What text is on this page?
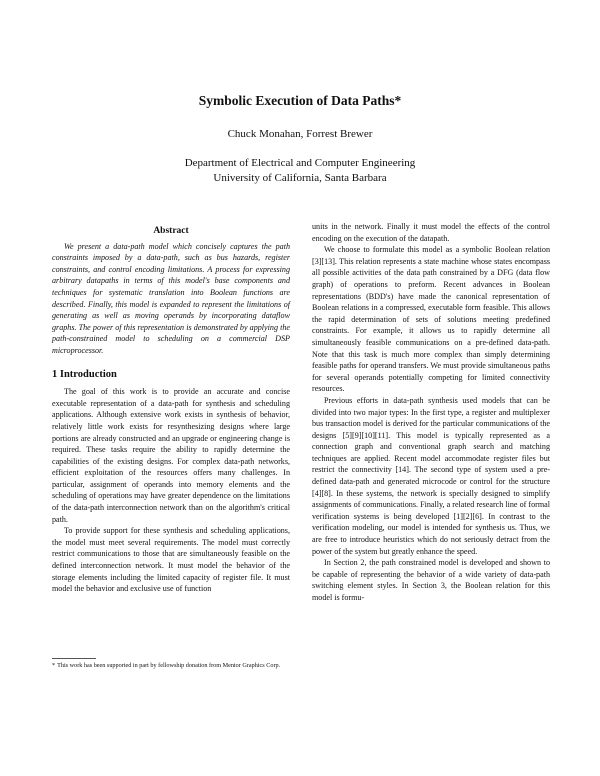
Symbolic Execution of Data Paths*
Chuck Monahan, Forrest Brewer
Department of Electrical and Computer Engineering
University of California, Santa Barbara
Abstract

We present a data-path model which concisely captures the path constraints imposed by a data-path, such as bus hazards, register constraints, and control encoding limitations. A process for expressing arbitrary datapaths in terms of this model's base components and techniques for systematic translation into Boolean functions are described. Finally, this model is expanded to represent the limitations of generating as well as moving operands by incorporating dataflow graphs. The power of this representation is demonstrated by applying the path-constrained model to scheduling on a commercial DSP microprocessor.

1 Introduction

The goal of this work is to provide an accurate and concise executable representation of a data-path for synthesis and scheduling applications. Although extensive work exists in synthesis of behavior, relatively little work exists for resynthesizing designs where large portions are already constructed and an upgrade or engineering change is required. These tasks require the ability to rapidly determine the capabilities of the existing designs. For complex data-path networks, efficient exploitation of the resources offers many challenges. In particular, assignment of operands into memory elements and the scheduling of operations may have greater dependence on the limitations of the data-path interconnection network than on the algorithm's critical path.

To provide support for these synthesis and scheduling applications, the model must meet several requirements. The model must correctly restrict communications to those that are simultaneously feasible on the defined interconnection network. It must model the behavior of the storage elements including the limited capacity of register file. It must model the behavior and exclusive use of function

units in the network. Finally it must model the effects of the control encoding on the execution of the datapath.

We choose to formulate this model as a symbolic Boolean relation [3][13]. This relation represents a state machine whose states encompass all possible activities of the data path constrained by a DFG (data flow graph) of operations to preform. Recent advances in Boolean representations (BDD's) have made the canonical representation of Boolean relations in a compressed, executable form feasible. This allows the rapid determination of sets of solutions meeting predefined constraints. For example, it allows us to rapidly determine all simultaneously feasible communications on a pre-defined data-path. Note that this task is much more complex than simply determining feasible paths for operand transfers. We must provide simultaneous paths for several operands potentially competing for limited connectivity resources.

Previous efforts in data-path synthesis used models that can be divided into two major types: In the first type, a register and multiplexer bus transaction model is derived for the particular communications of the designs [5][9][10][11]. This model is typically represented as a connection graph and conventional graph search and matching techniques are applied. Recent model accommodate register files but restrict the connectivity [14]. The second type of system used a pre-defined data-path and generated microcode or control for the structure [4][8]. In these systems, the network is specially designed to simplify assignments of communications. Finally, a related research line of formal verification systems is being developed [1][2][6]. In contrast to the verification modeling, our model is intended for synthesis us. Thus, we are free to introduce heuristics which do not seriously detract from the power of the system but greatly enhance the speed.

In Section 2, the path constrained model is developed and shown to be capable of representing the behavior of a wide variety of data-path switching element styles. In Section 3, the Boolean relation for this model is formu-

* This work has been supported in part by fellowship donation from Mentor Graphics Corp.
